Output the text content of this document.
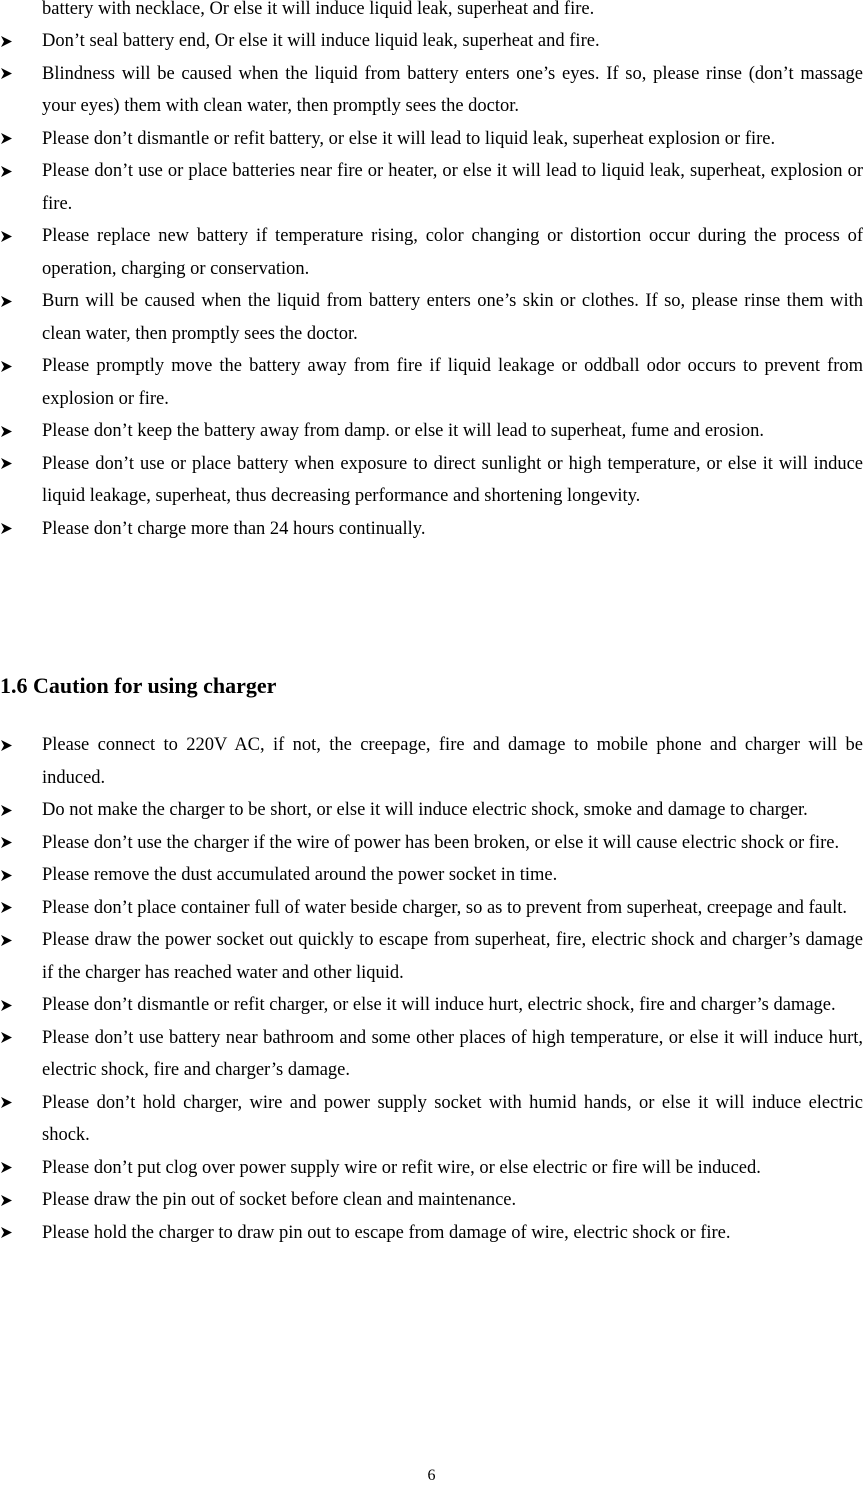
battery with necklace, Or else it will induce liquid leak, superheat and fire.
Don’t seal battery end, Or else it will induce liquid leak, superheat and fire.
Blindness will be caused when the liquid from battery enters one’s eyes. If so, please rinse (don’t massage your eyes) them with clean water, then promptly sees the doctor.
Please don’t dismantle or refit battery, or else it will lead to liquid leak, superheat explosion or fire.
Please don’t use or place batteries near fire or heater, or else it will lead to liquid leak, superheat, explosion or fire.
Please replace new battery if temperature rising, color changing or distortion occur during the process of operation, charging or conservation.
Burn will be caused when the liquid from battery enters one’s skin or clothes. If so, please rinse them with clean water, then promptly sees the doctor.
Please promptly move the battery away from fire if liquid leakage or oddball odor occurs to prevent from explosion or fire.
Please don’t keep the battery away from damp. or else it will lead to superheat, fume and erosion.
Please don’t use or place battery when exposure to direct sunlight or high temperature, or else it will induce liquid leakage, superheat, thus decreasing performance and shortening longevity.
Please don’t charge more than 24 hours continually.
1.6 Caution for using charger
Please connect to 220V AC, if not, the creepage, fire and damage to mobile phone and charger will be induced.
Do not make the charger to be short, or else it will induce electric shock, smoke and damage to charger.
Please don’t use the charger if the wire of power has been broken, or else it will cause electric shock or fire.
Please remove the dust accumulated around the power socket in time.
Please don’t place container full of water beside charger, so as to prevent from superheat, creepage and fault.
Please draw the power socket out quickly to escape from superheat, fire, electric shock and charger’s damage if the charger has reached water and other liquid.
Please don’t dismantle or refit charger, or else it will induce hurt, electric shock, fire and charger’s damage.
Please don’t use battery near bathroom and some other places of high temperature, or else it will induce hurt, electric shock, fire and charger’s damage.
Please don’t hold charger, wire and power supply socket with humid hands, or else it will induce electric shock.
Please don’t put clog over power supply wire or refit wire, or else electric or fire will be induced.
Please draw the pin out of socket before clean and maintenance.
Please hold the charger to draw pin out to escape from damage of wire, electric shock or fire.
6
